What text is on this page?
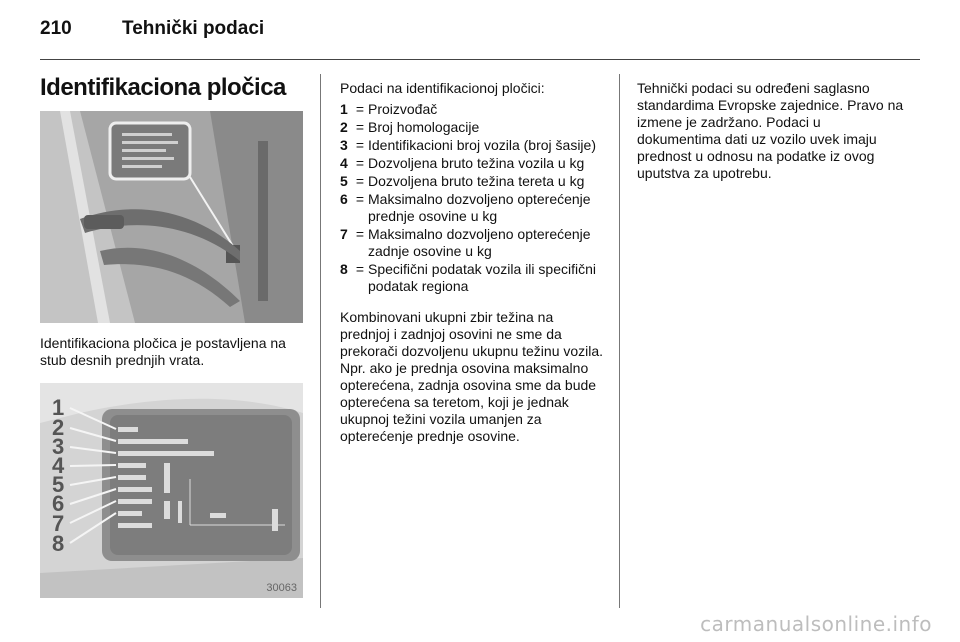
210	Tehnički podaci
Identifikaciona pločica
Identifikaciona pločica je postavljena na stub desnih prednjih vrata.
1
2
3
4
5
6
7
8
30063
Podaci na identifikacionoj pločici:
1 = Proizvođač
2 = Broj homologacije
3 = Identifikacioni broj vozila (broj šasije)
4 = Dozvoljena bruto težina vozila u kg
5 = Dozvoljena bruto težina tereta u kg
6 = Maksimalno dozvoljeno opterećenje prednje osovine u kg
7 = Maksimalno dozvoljeno opterećenje zadnje osovine u kg
8 = Specifični podatak vozila ili specifični podatak regiona
Kombinovani ukupni zbir težina na prednjoj i zadnjoj osovini ne sme da prekorači dozvoljenu ukupnu težinu vozila. Npr. ako je prednja osovina maksimalno opterećena, zadnja osovina sme da bude opterećena sa teretom, koji je jednak ukupnoj težini vozila umanjen za opterećenje prednje osovine.
Tehnički podaci su određeni saglasno standardima Evropske zajednice. Pravo na izmene je zadržano. Podaci u dokumentima dati uz vozilo uvek imaju prednost u odnosu na podatke iz ovog uputstva za upotrebu.
carmanualsonline.info
